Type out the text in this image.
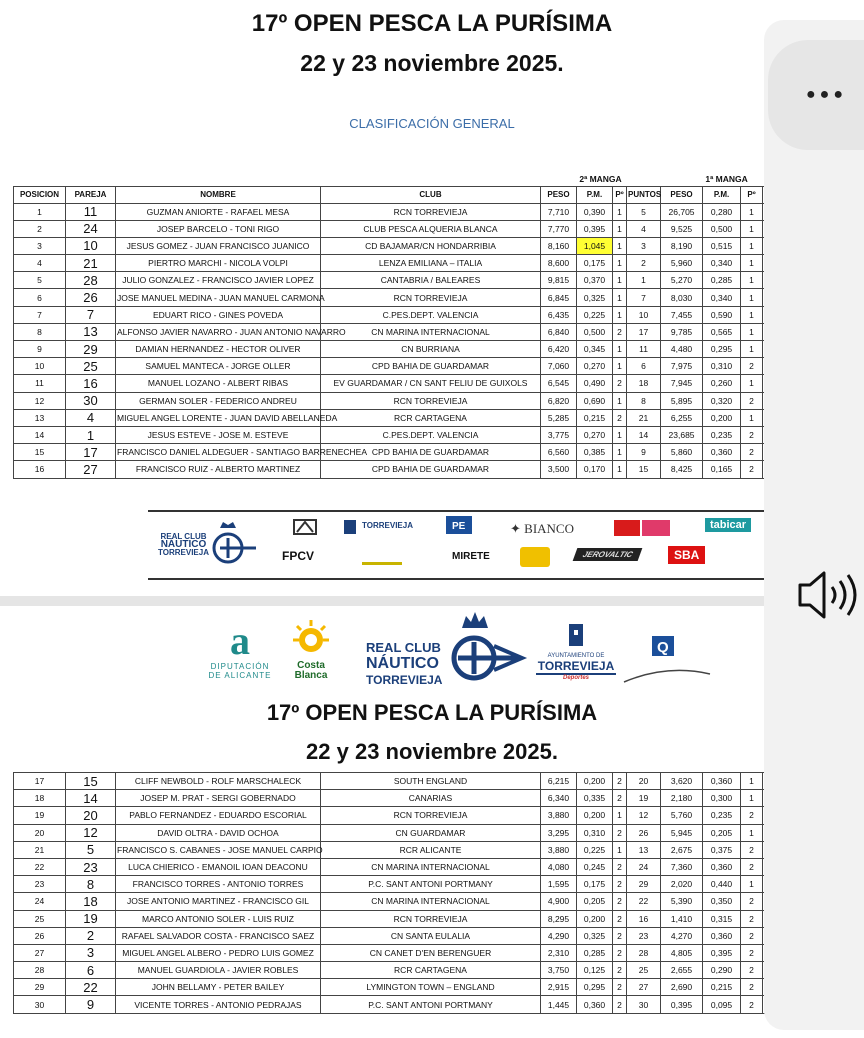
17º OPEN PESCA LA PURÍSIMA
22 y 23 noviembre 2025.
CLASIFICACIÓN GENERAL
				2ª MANGA				1ª MANGA			
POSICION	PAREJA	NOMBRE	CLUB	PESO	P.M.	Pº	PUNTOS	PESO	P.M.	Pº	
1	11	GUZMAN ANIORTE - RAFAEL MESA	RCN TORREVIEJA	7,710	0,390	1	5	26,705	0,280	1	
2	24	JOSEP BARCELO - TONI RIGO	CLUB PESCA ALQUERIA BLANCA	7,770	0,395	1	4	9,525	0,500	1	
3	10	JESUS GOMEZ - JUAN FRANCISCO JUANICO	CD BAJAMAR/CN HONDARRIBIA	8,160	1,045	1	3	8,190	0,515	1	
4	21	PIERTRO MARCHI - NICOLA VOLPI	LENZA EMILIANA – ITALIA	8,600	0,175	1	2	5,960	0,340	1	
5	28	JULIO GONZALEZ - FRANCISCO JAVIER LOPEZ	CANTABRIA / BALEARES	9,815	0,370	1	1	5,270	0,285	1	
6	26	JOSE MANUEL MEDINA - JUAN MANUEL CARMONA	RCN TORREVIEJA	6,845	0,325	1	7	8,030	0,340	1	
7	7	EDUART RICO - GINES POVEDA	C.PES.DEPT. VALENCIA	6,435	0,225	1	10	7,455	0,590	1	
8	13	ALFONSO JAVIER NAVARRO - JUAN ANTONIO NAVARRO	CN MARINA INTERNACIONAL	6,840	0,500	2	17	9,785	0,565	1	
9	29	DAMIAN HERNANDEZ - HECTOR OLIVER	CN BURRIANA	6,420	0,345	1	11	4,480	0,295	1	
10	25	SAMUEL MANTECA - JORGE OLLER	CPD BAHIA DE GUARDAMAR	7,060	0,270	1	6	7,975	0,310	2	
11	16	MANUEL LOZANO - ALBERT RIBAS	EV GUARDAMAR / CN SANT FELIU DE GUIXOLS	6,545	0,490	2	18	7,945	0,260	1	
12	30	GERMAN SOLER - FEDERICO ANDREU	RCN TORREVIEJA	6,820	0,690	1	8	5,895	0,320	2	
13	4	MIGUEL ANGEL LORENTE - JUAN DAVID ABELLANEDA	RCR CARTAGENA	5,285	0,215	2	21	6,255	0,200	1	
14	1	JESUS ESTEVE - JOSE M. ESTEVE	C.PES.DEPT. VALENCIA	3,775	0,270	1	14	23,685	0,235	2	
15	17	FRANCISCO DANIEL ALDEGUER - SANTIAGO BARRENECHEA	CPD BAHIA DE GUARDAMAR	6,560	0,385	1	9	5,860	0,360	2	
16	27	FRANCISCO RUIZ - ALBERTO MARTINEZ	CPD BAHIA DE GUARDAMAR	3,500	0,170	1	15	8,425	0,165	2	
REAL CLUB
NÁUTICO
TORREVIEJA
TORREVIEJA	PE	✦ BIANCO	tabicar
FPCV	MIRETE	JEROVALTIC	SBA
a
DIPUTACIÓN
DE ALICANTE
Costa
Blanca
REAL CLUB
NÁUTICO
TORREVIEJA
AYUNTAMIENTO DE
TORREVIEJA
Deportes
Q
17º OPEN PESCA LA PURÍSIMA
22 y 23 noviembre 2025.
17	15	CLIFF NEWBOLD - ROLF MARSCHALECK	SOUTH ENGLAND	6,215	0,200	2	20	3,620	0,360	1		
18	14	JOSEP M. PRAT - SERGI GOBERNADO	CANARIAS	6,340	0,335	2	19	2,180	0,300	1		
19	20	PABLO FERNANDEZ - EDUARDO ESCORIAL	RCN TORREVIEJA	3,880	0,200	1	12	5,760	0,235	2		
20	12	DAVID OLTRA - DAVID OCHOA	CN GUARDAMAR	3,295	0,310	2	26	5,945	0,205	1		
21	5	FRANCISCO S. CABANES - JOSE MANUEL CARPIO	RCR ALICANTE	3,880	0,225	1	13	2,675	0,375	2		
22	23	LUCA CHIERICO - EMANOIL IOAN DEACONU	CN MARINA INTERNACIONAL	4,080	0,245	2	24	7,360	0,360	2		
23	8	FRANCISCO TORRES - ANTONIO TORRES	P.C. SANT ANTONI PORTMANY	1,595	0,175	2	29	2,020	0,440	1		
24	18	JOSE ANTONIO MARTINEZ - FRANCISCO GIL	CN MARINA INTERNACIONAL	4,900	0,205	2	22	5,390	0,350	2		
25	19	MARCO ANTONIO SOLER - LUIS RUIZ	RCN TORREVIEJA	8,295	0,200	2	16	1,410	0,315	2		
26	2	RAFAEL SALVADOR COSTA - FRANCISCO SAEZ	CN SANTA EULALIA	4,290	0,325	2	23	4,270	0,360	2		
27	3	MIGUEL ANGEL ALBERO - PEDRO LUIS GOMEZ	CN CANET D'EN BERENGUER	2,310	0,285	2	28	4,805	0,395	2		
28	6	MANUEL GUARDIOLA - JAVIER ROBLES	RCR CARTAGENA	3,750	0,125	2	25	2,655	0,290	2		
29	22	JOHN BELLAMY - PETER BAILEY	LYMINGTON TOWN – ENGLAND	2,915	0,295	2	27	2,690	0,215	2		
30	9	VICENTE TORRES - ANTONIO PEDRAJAS	P.C. SANT ANTONI PORTMANY	1,445	0,360	2	30	0,395	0,095	2		
●●●
